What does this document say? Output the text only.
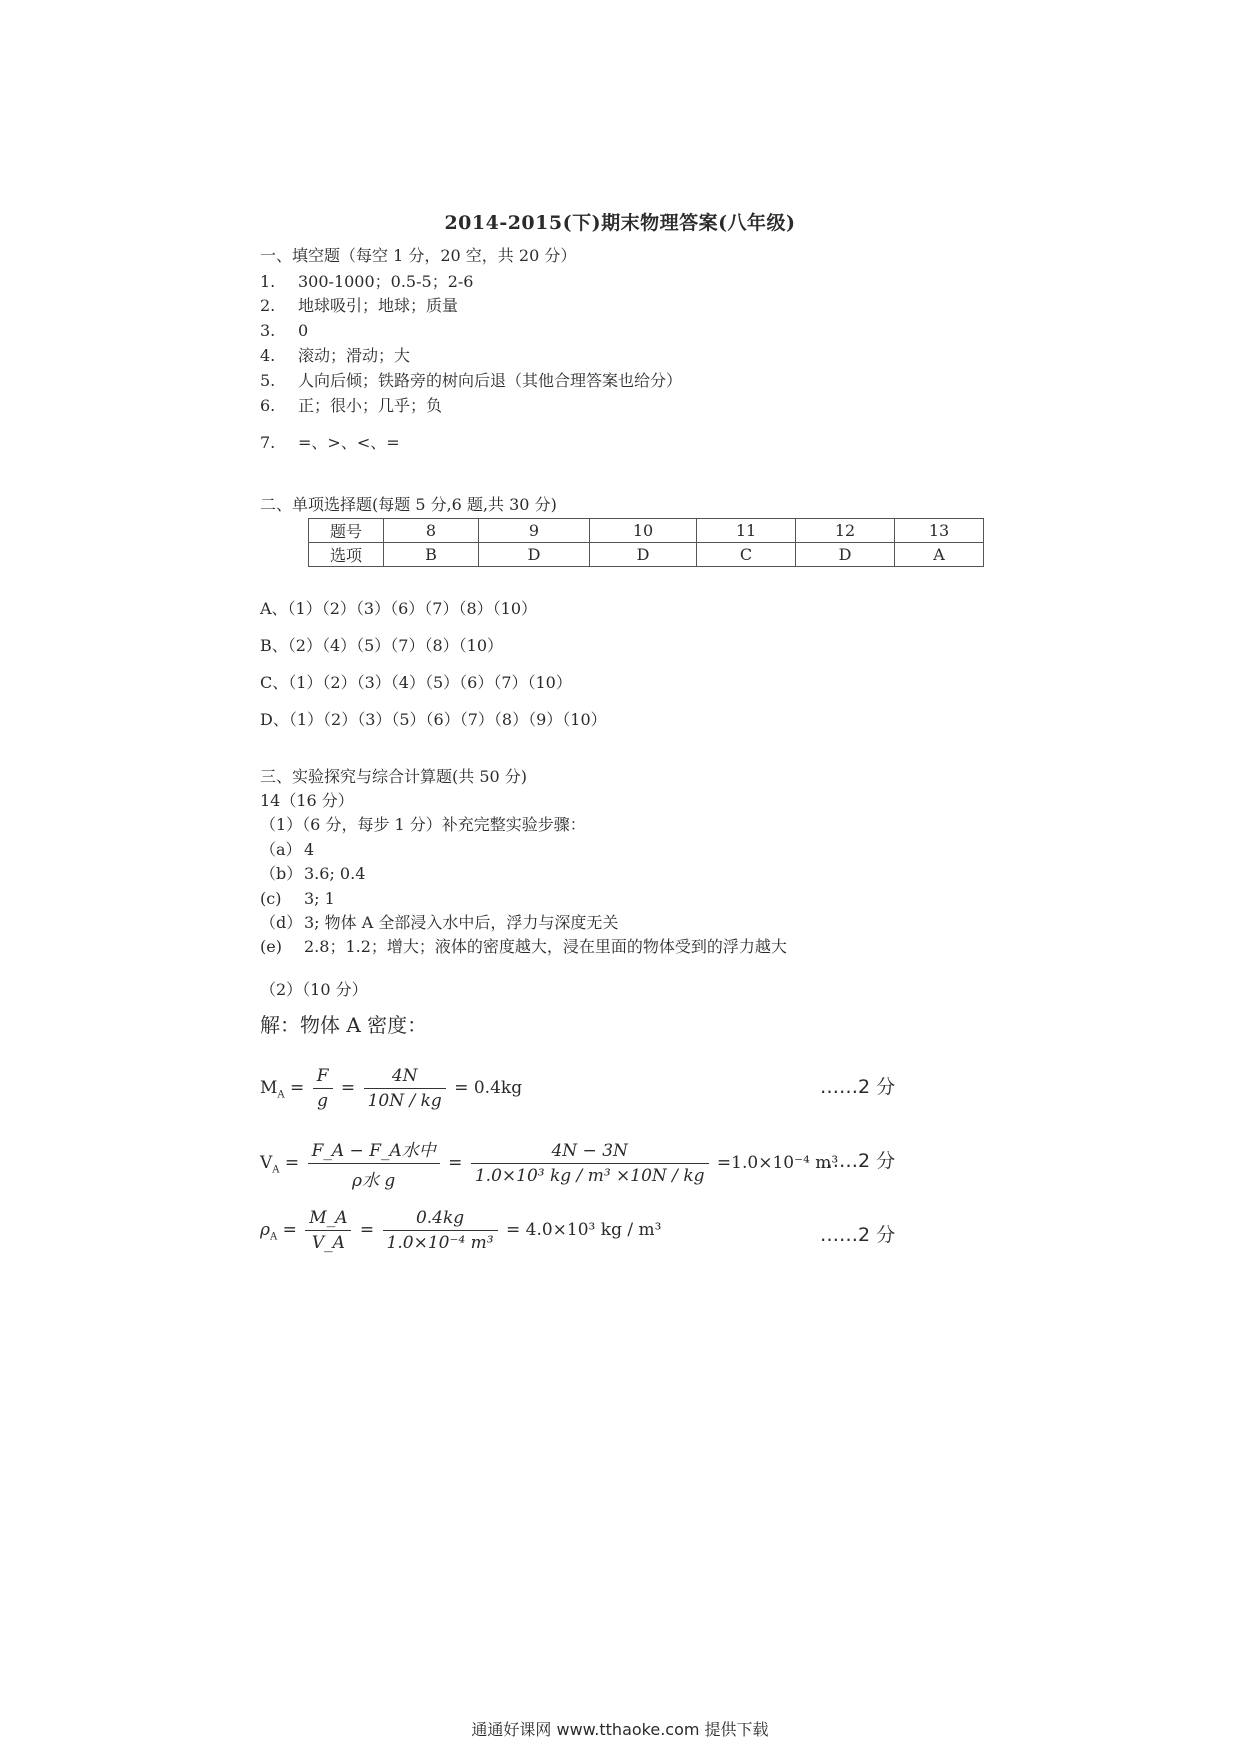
2014-2015(下)期末物理答案(八年级)
一、填空题（每空 1 分，20 空，共 20 分）
1. 300-1000；0.5-5；2-6
2. 地球吸引；地球；质量
3. 0
4. 滚动；滑动；大
5. 人向后倾；铁路旁的树向后退（其他合理答案也给分）
6. 正；很小；几乎；负
7. =、>、<、=
二、单项选择题(每题 5 分,6 题,共 30 分)
题号	8	9	10	11	12	13
选项	B	D	D	C	D	A
A、（1）（2）（3）（6）（7）（8）（10）
B、（2）（4）（5）（7）（8）（10）
C、（1）（2）（3）（4）（5）（6）（7）（10）
D、（1）（2）（3）（5）（6）（7）（8）（9）（10）
三、实验探究与综合计算题(共 50 分)
14（16 分）
（1）（6 分，每步 1 分）补充完整实验步骤：
（a） 4
（b） 3.6; 0.4
(c) 3; 1
（d） 3; 物体 A 全部浸入水中后，浮力与深度无关
(e) 2.8；1.2；增大；液体的密度越大，浸在里面的物体受到的浮力越大
（2）（10 分）
解：物体 A 密度：
$M_A = \frac{F}{g} = \frac{4N}{10N / kg} = 0.4kg$	……2 分
$V_A = \frac{\text{F\_A − F\_A水中}}{\text{ρ水 g}} = \frac{4N - 3N}{\text{1.0×10³ kg / m³ ×10N / kg}} =1.0\times 10^{-4}$ m³
……2 分
$\rho_A = \frac{M\_A}{V\_A} = \frac{0.4kg}{\text{1.0×10⁻⁴ m³}} = 4.0\times 10^3$ kg / m³	……2 分
通通好课网 www.tthaoke.com 提供下载
